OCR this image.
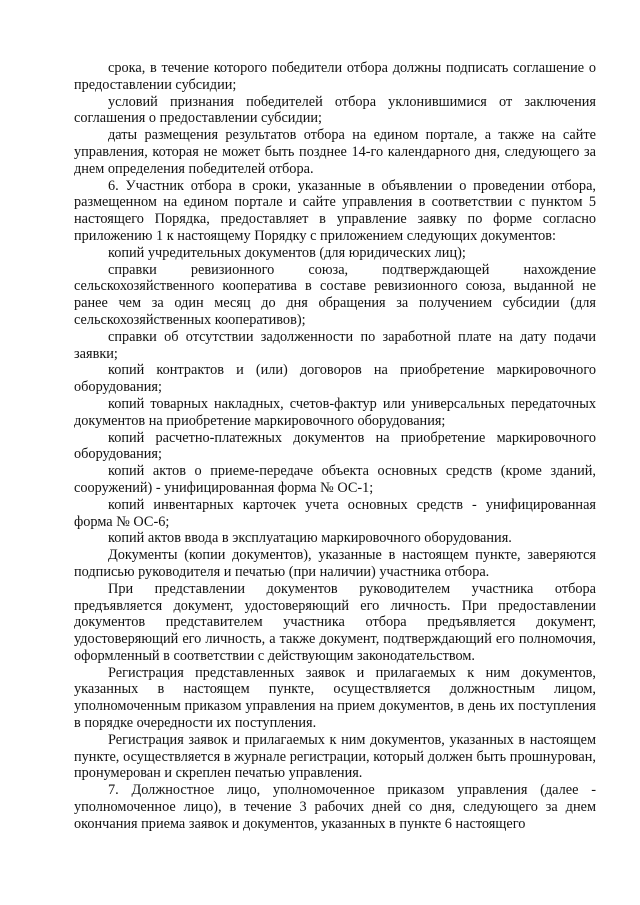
срока, в течение которого победители отбора должны подписать соглашение о предоставлении субсидии;

условий признания победителей отбора уклонившимися от заключения соглашения о предоставлении субсидии;

даты размещения результатов отбора на едином портале, а также на сайте управления, которая не может быть позднее 14-го календарного дня, следующего за днем определения победителей отбора.

6. Участник отбора в сроки, указанные в объявлении о проведении отбора, размещенном на едином портале и сайте управления в соответствии с пунктом 5 настоящего Порядка, предоставляет в управление заявку по форме согласно приложению 1 к настоящему Порядку с приложением следующих документов:

копий учредительных документов (для юридических лиц);

справки ревизионного союза, подтверждающей нахождение сельскохозяйственного кооператива в составе ревизионного союза, выданной не ранее чем за один месяц до дня обращения за получением субсидии (для сельскохозяйственных кооперативов);

справки об отсутствии задолженности по заработной плате на дату подачи заявки;

копий контрактов и (или) договоров на приобретение маркировочного оборудования;

копий товарных накладных, счетов-фактур или универсальных передаточных документов на приобретение маркировочного оборудования;

копий расчетно-платежных документов на приобретение маркировочного оборудования;

копий актов о приеме-передаче объекта основных средств (кроме зданий, сооружений) - унифицированная форма № ОС-1;

копий инвентарных карточек учета основных средств - унифицированная форма № ОС-6;

копий актов ввода в эксплуатацию маркировочного оборудования.

Документы (копии документов), указанные в настоящем пункте, заверяются подписью руководителя и печатью (при наличии) участника отбора.

При представлении документов руководителем участника отбора предъявляется документ, удостоверяющий его личность. При предоставлении документов представителем участника отбора предъявляется документ, удостоверяющий его личность, а также документ, подтверждающий его полномочия, оформленный в соответствии с действующим законодательством.

Регистрация представленных заявок и прилагаемых к ним документов, указанных в настоящем пункте, осуществляется должностным лицом, уполномоченным приказом управления на прием документов, в день их поступления в порядке очередности их поступления.

Регистрация заявок и прилагаемых к ним документов, указанных в настоящем пункте, осуществляется в журнале регистрации, который должен быть прошнурован, пронумерован и скреплен печатью управления.

7. Должностное лицо, уполномоченное приказом управления (далее - уполномоченное лицо), в течение 3 рабочих дней со дня, следующего за днем окончания приема заявок и документов, указанных в пункте 6 настоящего
